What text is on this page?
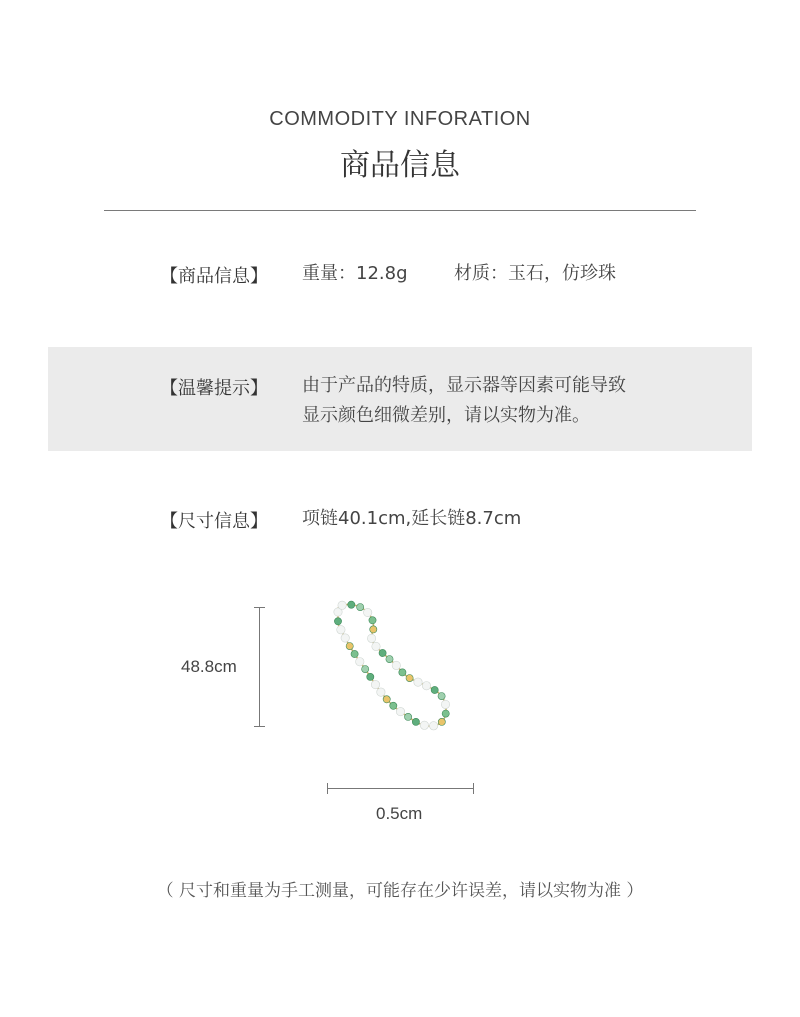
COMMODITY INFORATION
商品信息
【商品信息】 重量：12.8g	材质：玉石，仿珍珠
【温馨提示】 由于产品的特质，显示器等因素可能导致
显示颜色细微差别，请以实物为准。
【尺寸信息】 项链40.1cm,延长链8.7cm
48.8cm
0.5cm
（ 尺寸和重量为手工测量，可能存在少许误差，请以实物为准 ）
